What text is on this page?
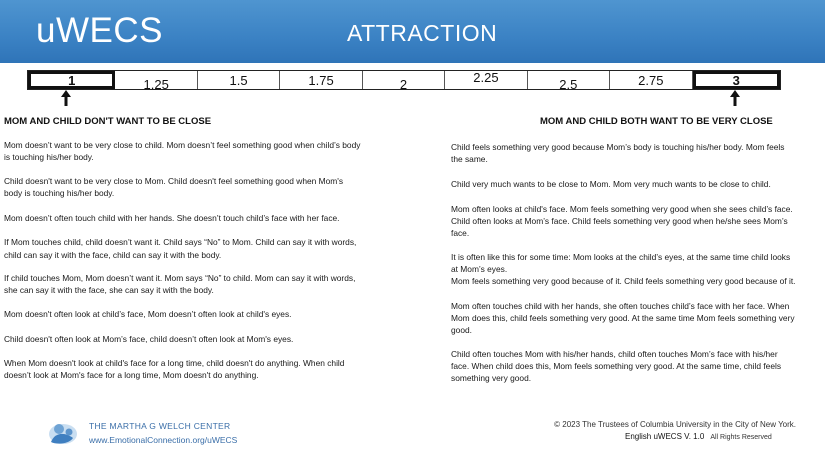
uWECS	ATTRACTION
1	1.25	1.5	1.75	2	2.25	2.5	2.75	3
MOM AND CHILD DON'T WANT TO BE CLOSE	MOM AND CHILD BOTH WANT TO BE VERY CLOSE

Mom doesn’t want to be very close to child. Mom doesn’t feel something good when child’s body is touching his/her body.

Child doesn't want to be very close to Mom. Child doesn't feel something good when Mom's body is touching his/her body.

Mom doesn’t often touch child with her hands. She doesn’t touch child’s face with her face.

If Mom touches child, child doesn’t want it. Child says “No” to Mom. Child can say it with words, child can say it with the face, child can say it with the body.

If child touches Mom, Mom doesn’t want it. Mom says “No” to child. Mom can say it with words, she can say it with the face, she can say it with the body.

Mom doesn't often look at child’s face, Mom doesn’t often look at child's eyes.

Child doesn't often look at Mom’s face, child doesn’t often look at Mom's eyes.

When Mom doesn't look at child's face for a long time, child doesn't do anything. When child doesn’t look at Mom's face for a long time, Mom doesn't do anything.

Child feels something very good because Mom’s body is touching his/her body. Mom feels the same.

Child very much wants to be close to Mom. Mom very much wants to be close to child.

Mom often looks at child's face. Mom feels something very good when she sees child’s face. Child often looks at Mom’s face. Child feels something very good when he/she sees Mom’s face.

It is often like this for some time: Mom looks at the child’s eyes, at the same time child looks at Mom’s eyes.

Mom feels something very good because of it. Child feels something very good because of it.

Mom often touches child with her hands, she often touches child’s face with her face. When Mom does this, child feels something very good. At the same time Mom feels something very good.

Child often touches Mom with his/her hands, child often touches Mom’s face with his/her face. When child does this, Mom feels something very good. At the same time, child feels something very good.

THE MARTHA G WELCH CENTER
www.EmotionalConnection.org/uWECS
© 2023 The Trustees of Columbia University in the City of New York.
English uWECS V. 1.0 All Rights Reserved
